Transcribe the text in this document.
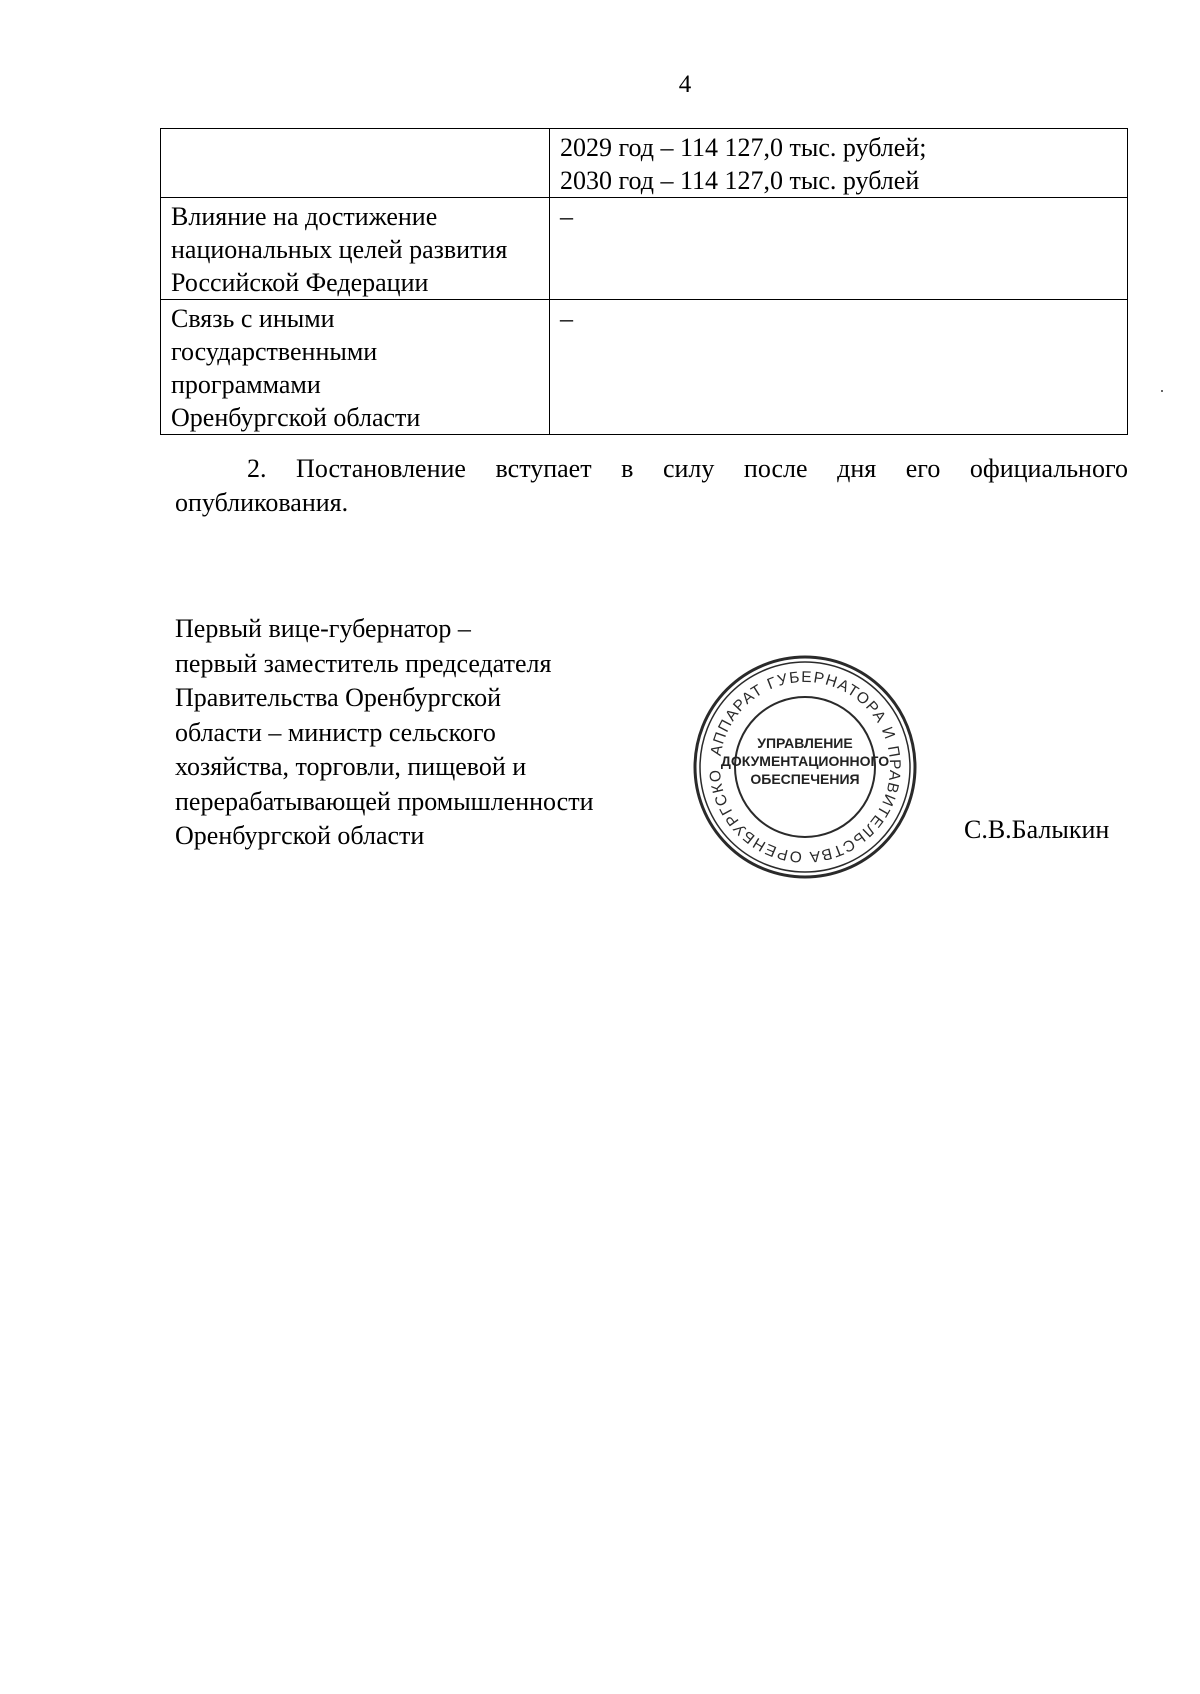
4

	2029 год – 114 127,0 тыс. рублей;
2030 год – 114 127,0 тыс. рублей

Влияние на достижение
национальных целей развития
Российской Федерации	–

Связь с иными
государственными
программами
Оренбургской области	–
2. Постановление вступает в силу после дня его официального
опубликования.
Первый вице-губернатор –
первый заместитель председателя
Правительства Оренбургской
области – министр сельского
хозяйства, торговли, пищевой и
перерабатывающей промышленности
Оренбургской области
АППАРАТ ГУБЕРНАТОРА И ПРАВИТЕЛЬСТВА ОРЕНБУРГСКО
УПРАВЛЕНИЕ
ДОКУМЕНТАЦИОННОГО
ОБЕСПЕЧЕНИЯ
С.В.Балыкин
